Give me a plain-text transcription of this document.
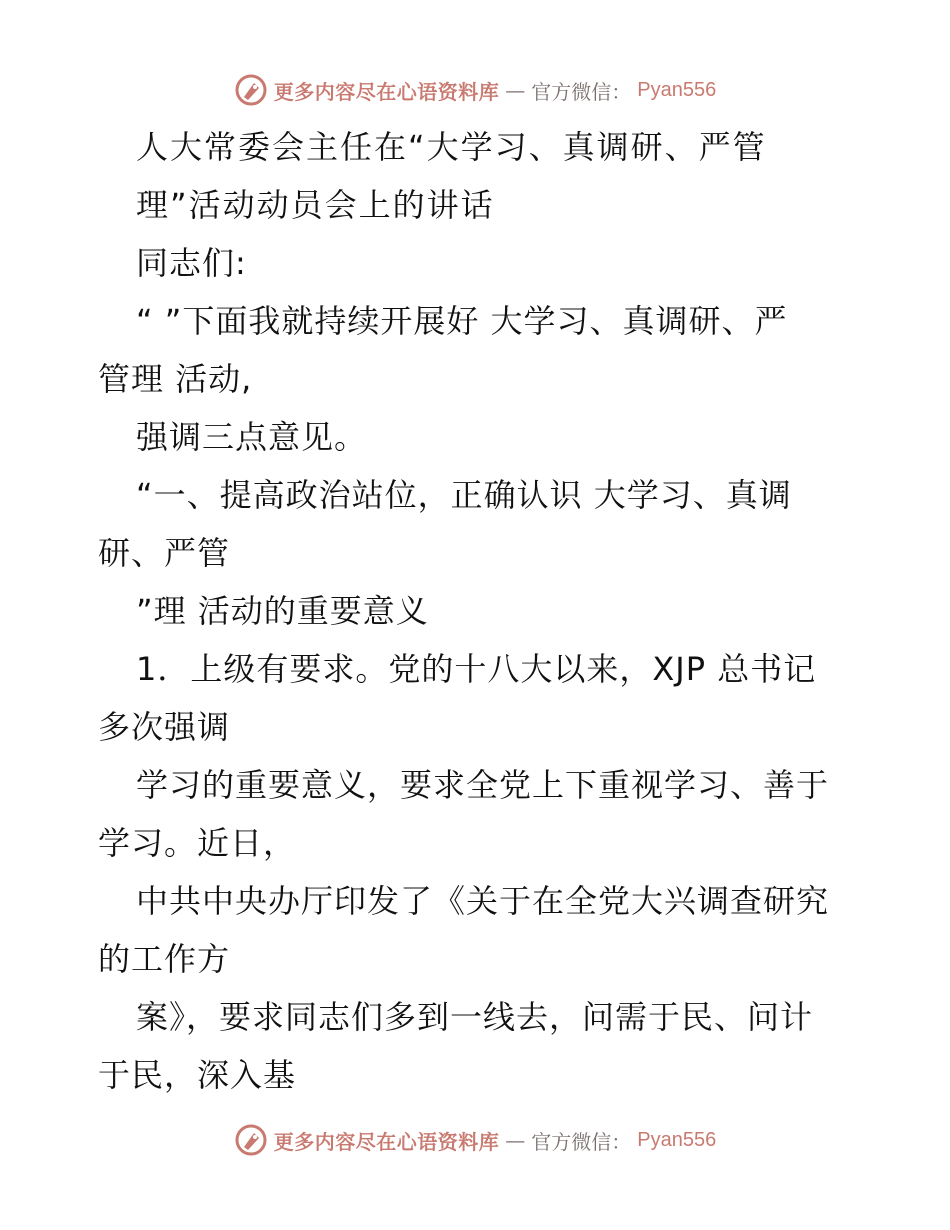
更多内容尽在心语资料库 — 官方微信： Pyan556
人大常委会主任在“大学习、真调研、严管
理”活动动员会上的讲话
同志们:
“ ”下面我就持续开展好 大学习、真调研、严
管理 活动,
强调三点意见。
“一、提高政治站位，正确认识 大学习、真调
研、严管
”理 活动的重要意义
1．上级有要求。党的十八大以来，XJP 总书记
多次强调
学习的重要意义，要求全党上下重视学习、善于
学习。近日，
中共中央办厅印发了《关于在全党大兴调查研究
的工作方
案》，要求同志们多到一线去，问需于民、问计
于民，深入基
更多内容尽在心语资料库 — 官方微信： Pyan556
